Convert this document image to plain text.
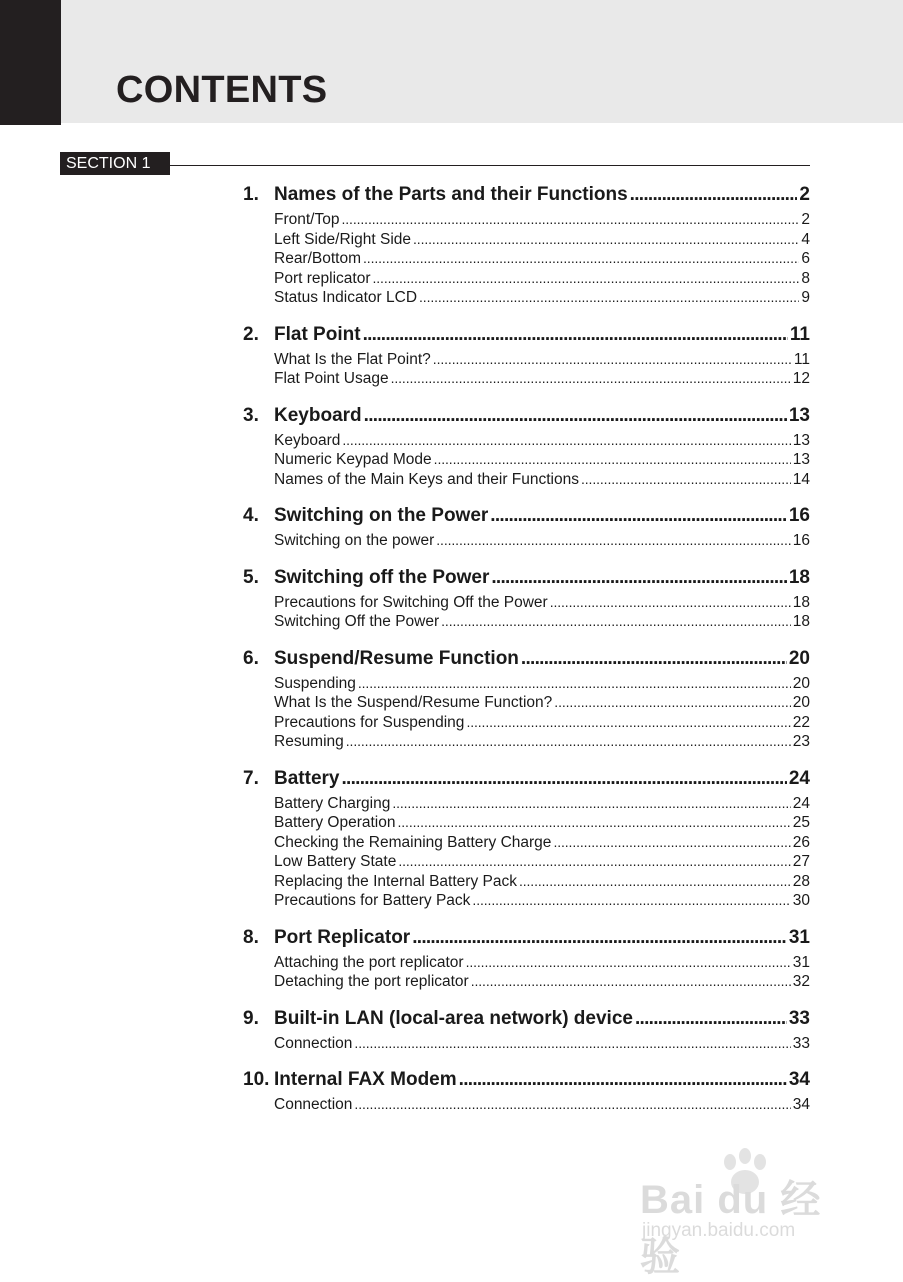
CONTENTS
SECTION 1
1. Names of the Parts and their Functions . . .	2
Front/Top . . .	2
Left Side/Right Side . . .	4
Rear/Bottom . . .	6
Port replicator . . .	8
Status Indicator LCD . . .	9
2. Flat Point . . .	11
What Is the Flat Point? . . .	11
Flat Point Usage . . .	12
3. Keyboard . . .	13
Keyboard . . .	13
Numeric Keypad Mode . . .	13
Names of the Main Keys and their Functions . . .	14
4. Switching on the Power . . .	16
Switching on the power . . .	16
5. Switching off the Power . . .	18
Precautions for Switching Off the Power . . .	18
Switching Off the Power . . .	18
6. Suspend/Resume Function . . .	20
Suspending . . .	20
What Is the Suspend/Resume Function? . . .	20
Precautions for Suspending . . .	22
Resuming . . .	23
7. Battery . . .	24
Battery Charging . . .	24
Battery Operation . . .	25
Checking the Remaining Battery Charge . . .	26
Low Battery State . . .	27
Replacing the Internal Battery Pack . . .	28
Precautions for Battery Pack . . .	30
8. Port Replicator . . .	31
Attaching the port replicator . . .	31
Detaching the port replicator . . .	32
9. Built-in LAN (local-area network) device . . .	33
Connection . . .	33
10. Internal FAX Modem . . .	34
Connection . . .	34
Bai du 经验
jingyan.baidu.com
